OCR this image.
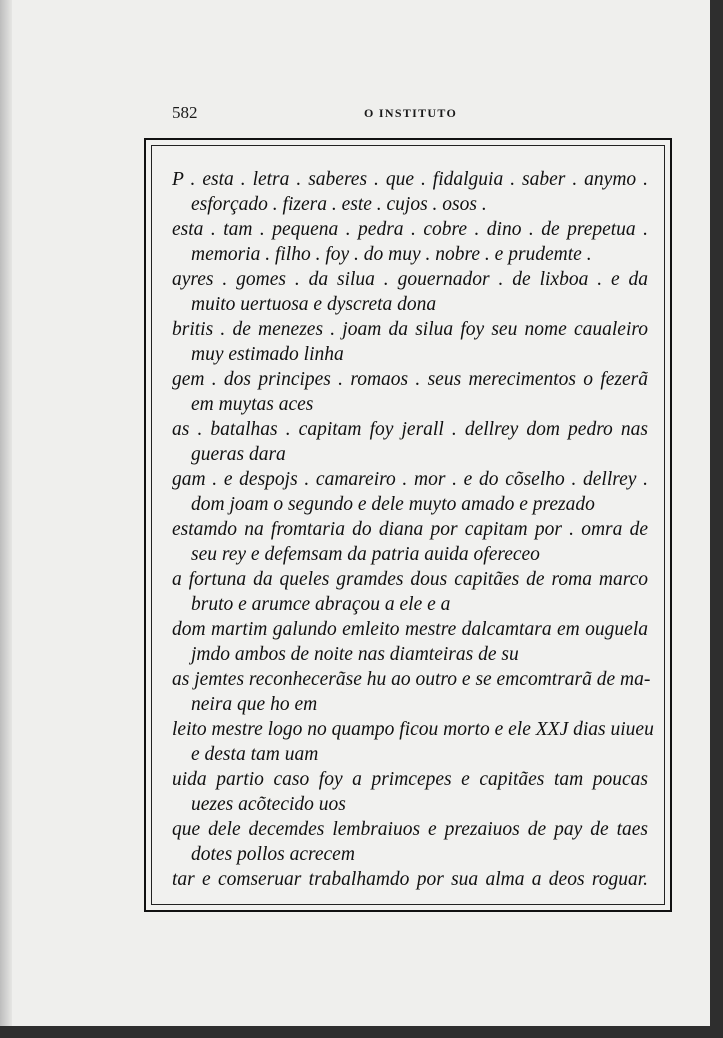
582	O INSTITUTO
P . esta . letra . saberes . que . fidalguia . saber . anymo .
esforçado . fizera . este . cujos . osos .
esta . tam . pequena . pedra . cobre . dino . de prepetua .
memoria . filho . foy . do muy . nobre . e prudemte .
ayres . gomes . da silua . gouernador . de lixboa . e da
muito uertuosa e dyscreta dona
britis . de menezes . joam da silua foy seu nome caualeiro
muy estimado linha
gem . dos principes . romaos . seus merecimentos o fezerã
em muytas aces
as . batalhas . capitam foy jerall . dellrey dom pedro nas
gueras dara
gam . e despojs . camareiro . mor . e do cõselho . dellrey .
dom joam o segundo e dele muyto amado e prezado
estamdo na fromtaria do diana por capitam por . omra de
seu rey e defemsam da patria auida ofereceo
a fortuna da queles gramdes dous capitães de roma marco
bruto e arumce abraçou a ele e a
dom martim galundo emleito mestre dalcamtara em ouguela
jmdo ambos de noite nas diamteiras de su
as jemtes reconhecerãse hu ao outro e se emcomtrarã de ma-
neira que ho em
leito mestre logo no quampo ficou morto e ele XXJ dias uiueu
e desta tam uam
uida partio caso foy a primcepes e capitães tam poucas
uezes acõtecido uos
que dele decemdes lembraiuos e prezaiuos de pay de taes
dotes pollos acrecem
tar e comseruar trabalhamdo por sua alma a deos roguar.
